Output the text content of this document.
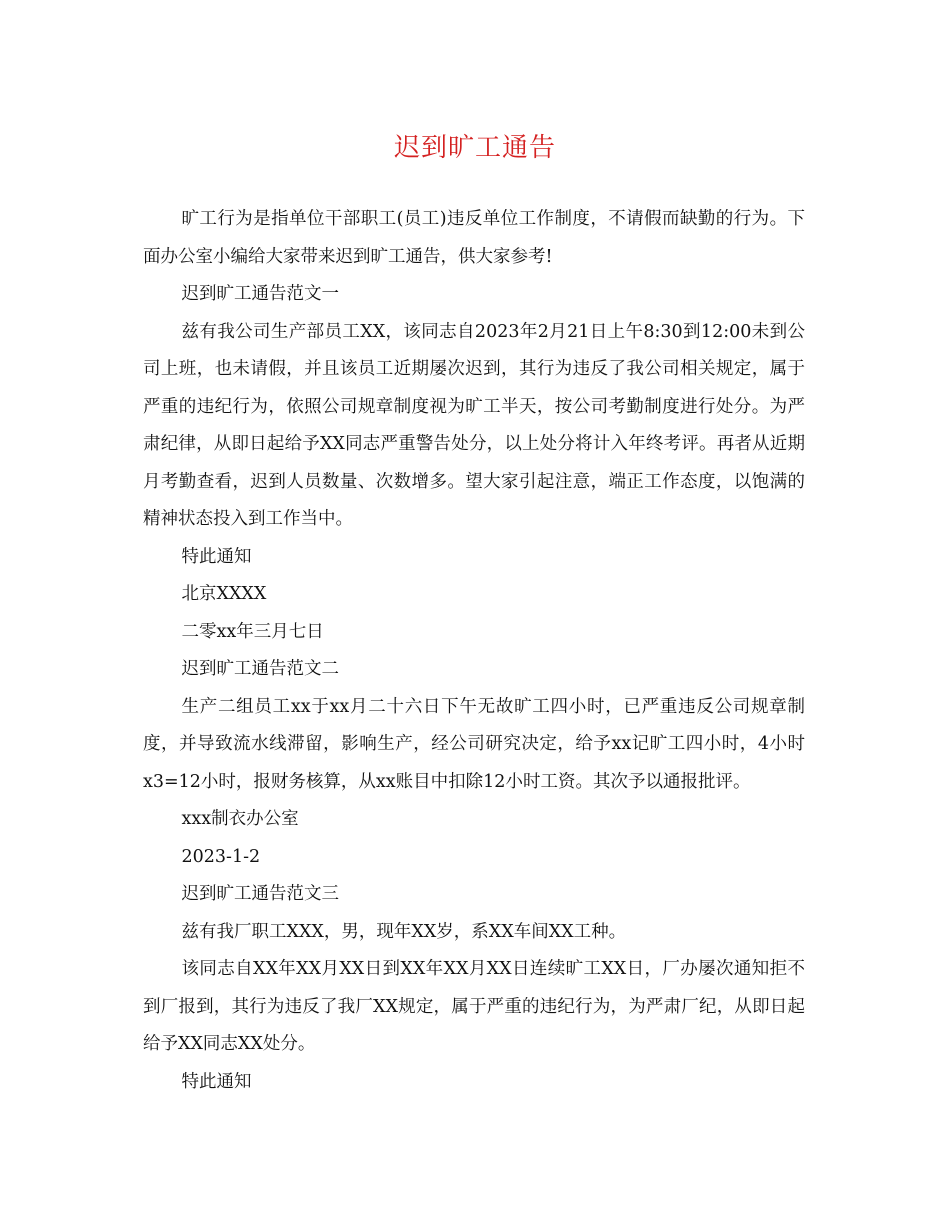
迟到旷工通告

旷工行为是指单位干部职工(员工)违反单位工作制度，不请假而缺勤的行为。下面办公室小编给大家带来迟到旷工通告，供大家参考!

迟到旷工通告范文一

兹有我公司生产部员工XX，该同志自2023年2月21日上午8:30到12:00未到公司上班，也未请假，并且该员工近期屡次迟到，其行为违反了我公司相关规定，属于严重的违纪行为，依照公司规章制度视为旷工半天，按公司考勤制度进行处分。为严肃纪律，从即日起给予XX同志严重警告处分，以上处分将计入年终考评。再者从近期月考勤查看，迟到人员数量、次数增多。望大家引起注意，端正工作态度，以饱满的精神状态投入到工作当中。

特此通知

北京XXXX

二零xx年三月七日

迟到旷工通告范文二

生产二组员工xx于xx月二十六日下午无故旷工四小时，已严重违反公司规章制度，并导致流水线滞留，影响生产，经公司研究决定，给予xx记旷工四小时，4小时x3=12小时，报财务核算，从xx账目中扣除12小时工资。其次予以通报批评。

xxx制衣办公室

2023-1-2

迟到旷工通告范文三

兹有我厂职工XXX，男，现年XX岁，系XX车间XX工种。

该同志自XX年XX月XX日到XX年XX月XX日连续旷工XX日，厂办屡次通知拒不到厂报到，其行为违反了我厂XX规定，属于严重的违纪行为，为严肃厂纪，从即日起给予XX同志XX处分。

特此通知
